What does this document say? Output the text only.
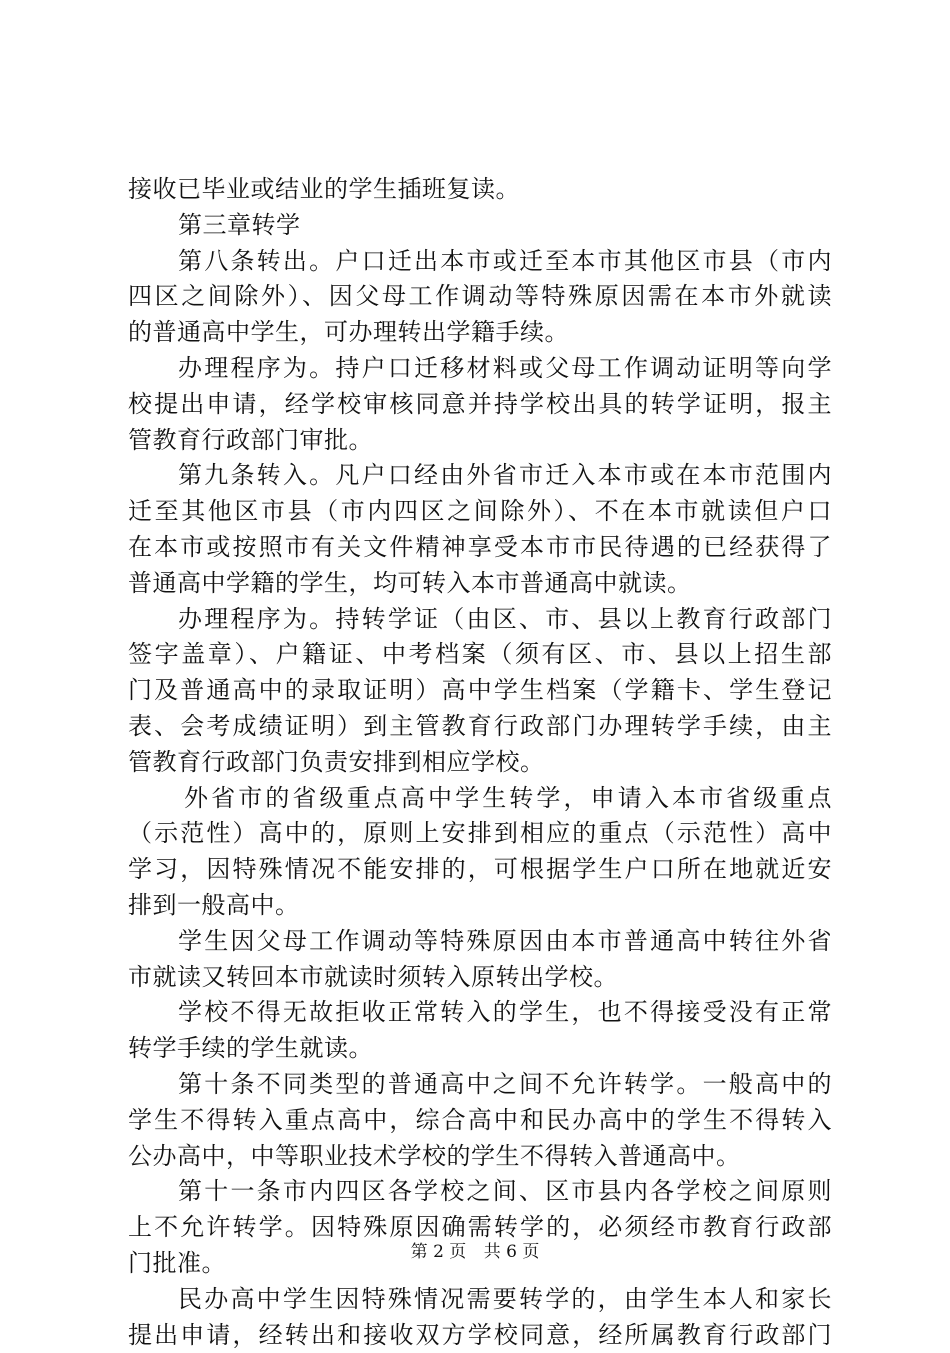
接收已毕业或结业的学生插班复读。
第三章转学
第八条转出。户口迁出本市或迁至本市其他区市县（市内
四区之间除外）、因父母工作调动等特殊原因需在本市外就读
的普通高中学生，可办理转出学籍手续。
办理程序为。持户口迁移材料或父母工作调动证明等向学
校提出申请，经学校审核同意并持学校出具的转学证明，报主
管教育行政部门审批。
第九条转入。凡户口经由外省市迁入本市或在本市范围内
迁至其他区市县（市内四区之间除外）、不在本市就读但户口
在本市或按照市有关文件精神享受本市市民待遇的已经获得了
普通高中学籍的学生，均可转入本市普通高中就读。
办理程序为。持转学证（由区、市、县以上教育行政部门
签字盖章）、户籍证、中考档案（须有区、市、县以上招生部
门及普通高中的录取证明）高中学生档案（学籍卡、学生登记
表、会考成绩证明）到主管教育行政部门办理转学手续，由主
管教育行政部门负责安排到相应学校。
外省市的省级重点高中学生转学，申请入本市省级重点
（示范性）高中的，原则上安排到相应的重点（示范性）高中
学习，因特殊情况不能安排的，可根据学生户口所在地就近安
排到一般高中。
学生因父母工作调动等特殊原因由本市普通高中转往外省
市就读又转回本市就读时须转入原转出学校。
学校不得无故拒收正常转入的学生，也不得接受没有正常
转学手续的学生就读。
第十条不同类型的普通高中之间不允许转学。一般高中的
学生不得转入重点高中，综合高中和民办高中的学生不得转入
公办高中，中等职业技术学校的学生不得转入普通高中。
第十一条市内四区各学校之间、区市县内各学校之间原则
上不允许转学。因特殊原因确需转学的，必须经市教育行政部
门批准。
民办高中学生因特殊情况需要转学的，由学生本人和家长
提出申请，经转出和接收双方学校同意，经所属教育行政部门
第 2 页 共 6 页
